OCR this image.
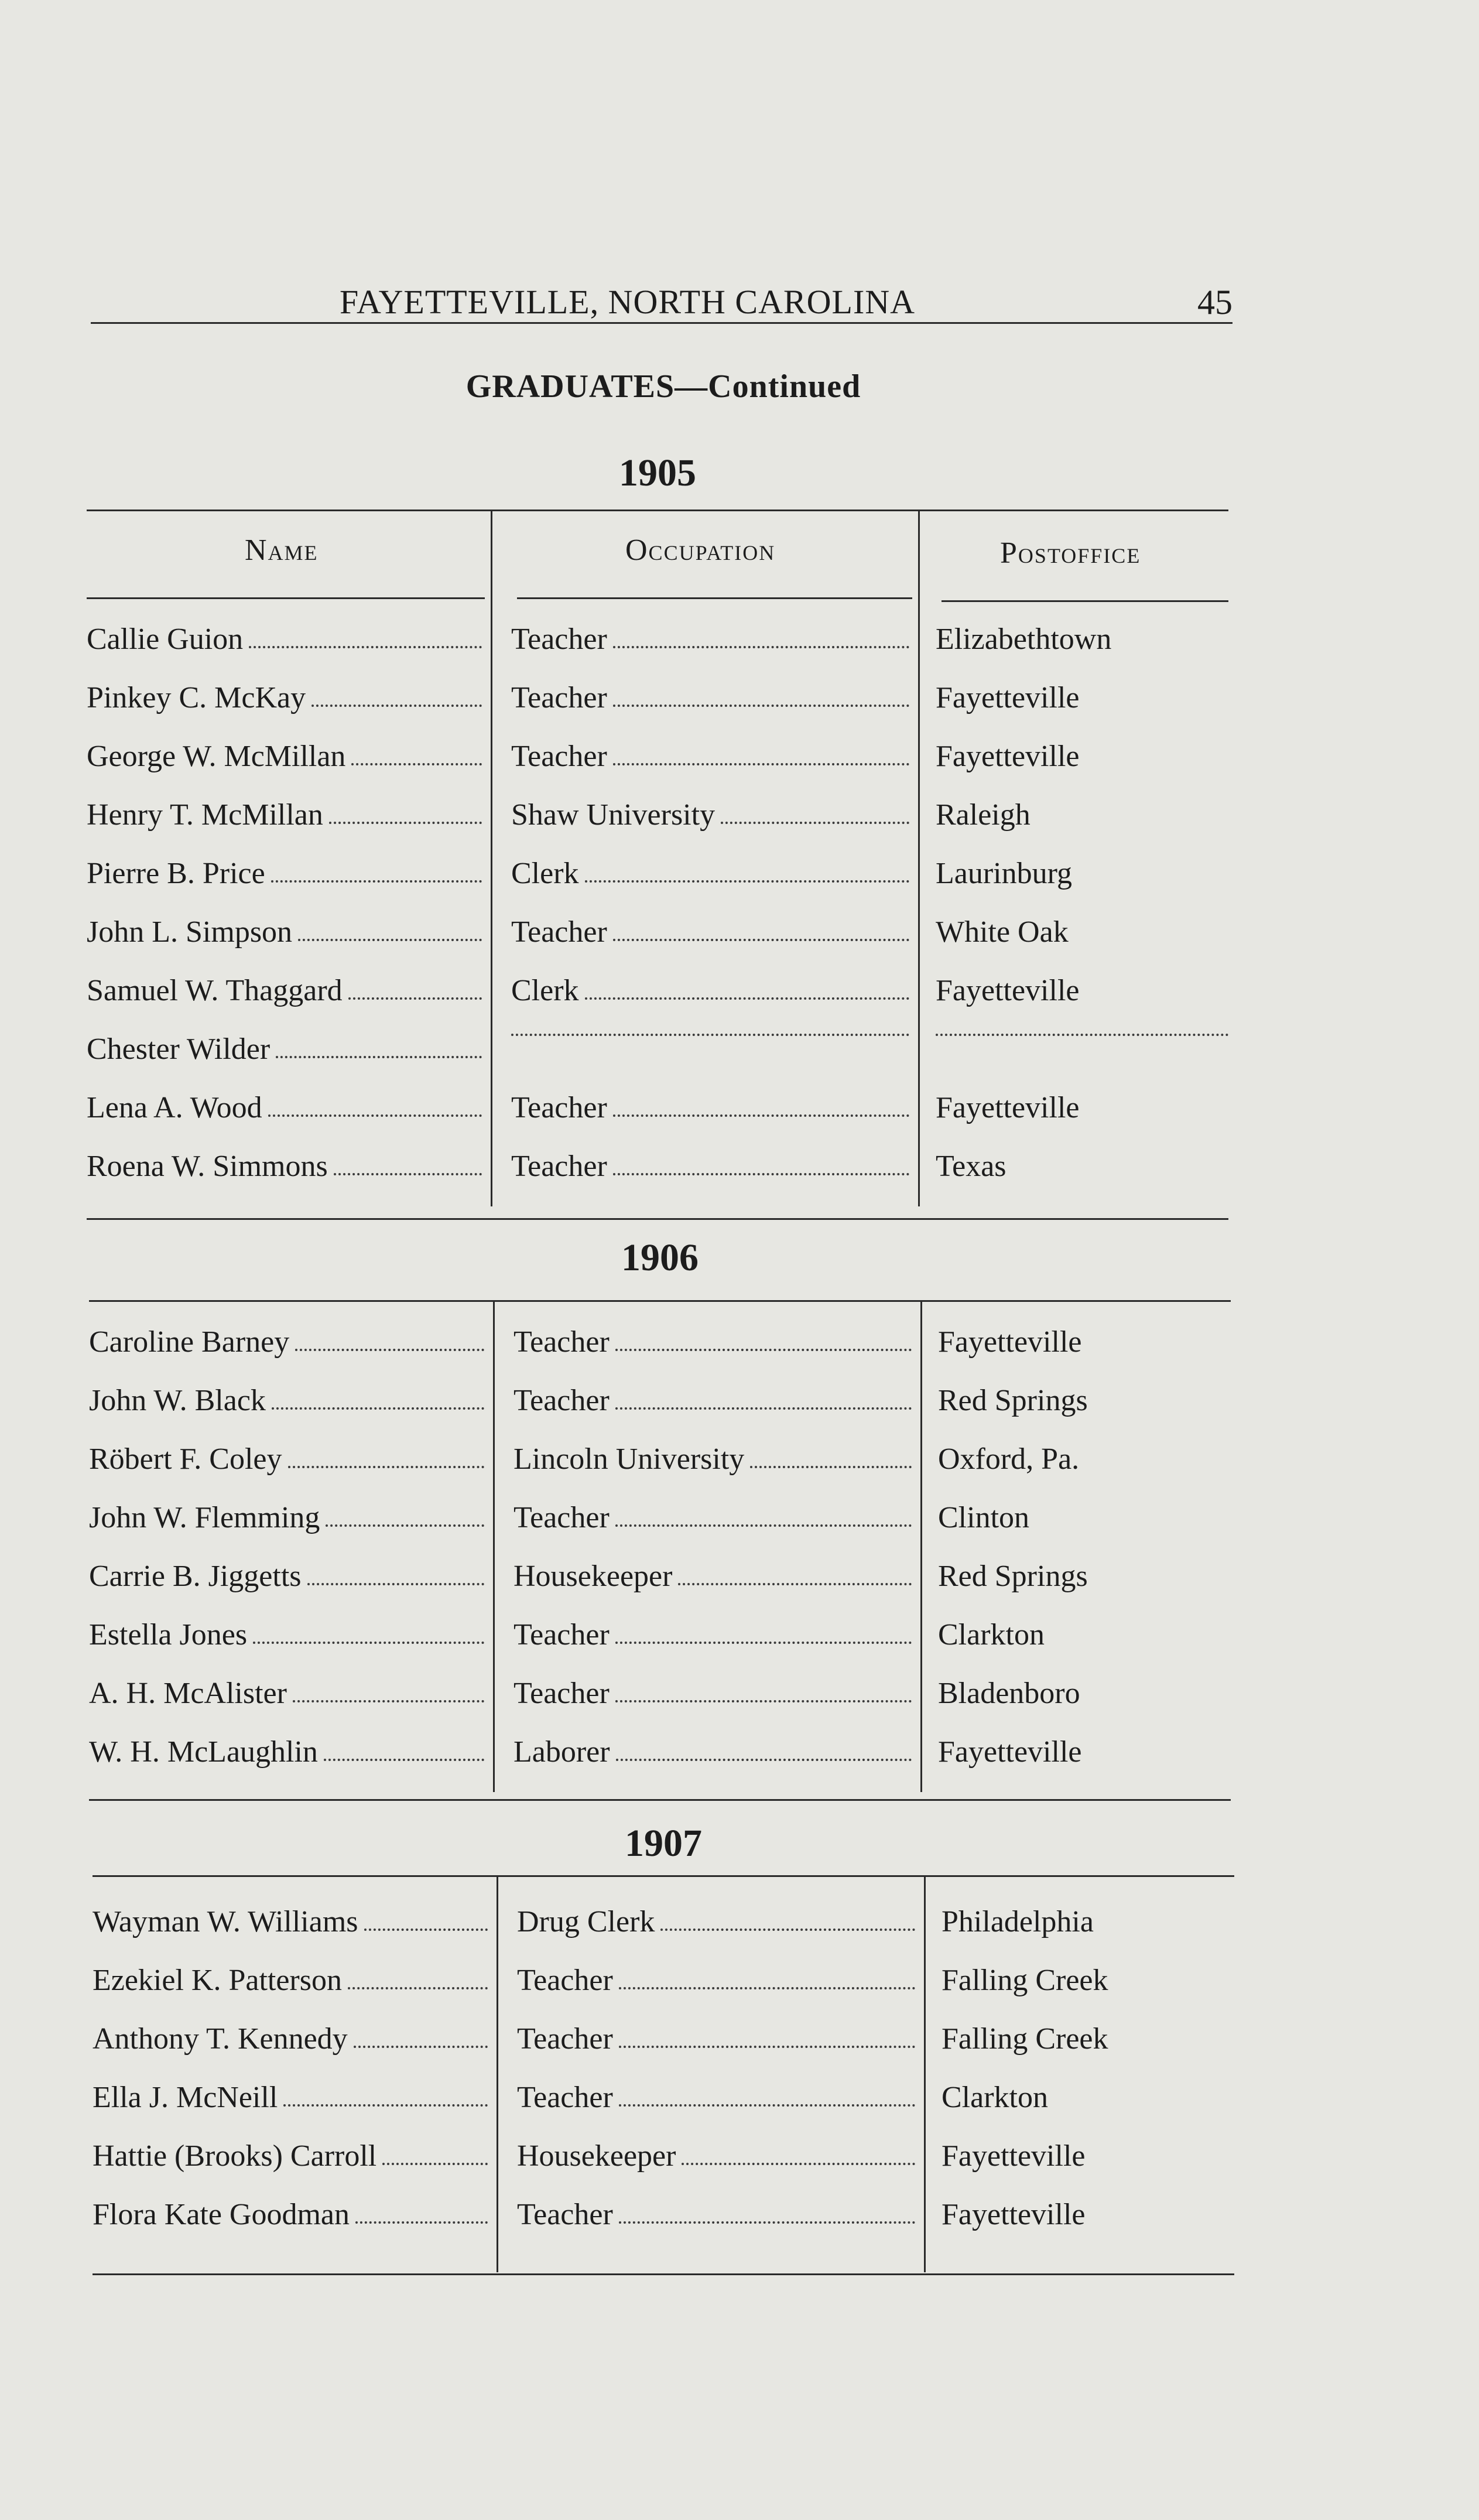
FAYETTEVILLE, NORTH CAROLINA	45
GRADUATES—Continued
1905
Name	Occupation	Postoffice
Callie Guion	Teacher	Elizabethtown
Pinkey C. McKay	Teacher	Fayetteville
George W. McMillan	Teacher	Fayetteville
Henry T. McMillan	Shaw University	Raleigh
Pierre B. Price	Clerk	Laurinburg
John L. Simpson	Teacher	White Oak
Samuel W. Thaggard	Clerk	Fayetteville
Chester Wilder
Lena A. Wood	Teacher	Fayetteville
Roena W. Simmons	Teacher	Texas
1906
Caroline Barney	Teacher	Fayetteville
John W. Black	Teacher	Red Springs
Röbert F. Coley	Lincoln University	Oxford, Pa.
John W. Flemming	Teacher	Clinton
Carrie B. Jiggetts	Housekeeper	Red Springs
Estella Jones	Teacher	Clarkton
A. H. McAlister	Teacher	Bladenboro
W. H. McLaughlin	Laborer	Fayetteville
1907
Wayman W. Williams	Drug Clerk	Philadelphia
Ezekiel K. Patterson	Teacher	Falling Creek
Anthony T. Kennedy	Teacher	Falling Creek
Ella J. McNeill	Teacher	Clarkton
Hattie (Brooks) Carroll	Housekeeper	Fayetteville
Flora Kate Goodman	Teacher	Fayetteville
